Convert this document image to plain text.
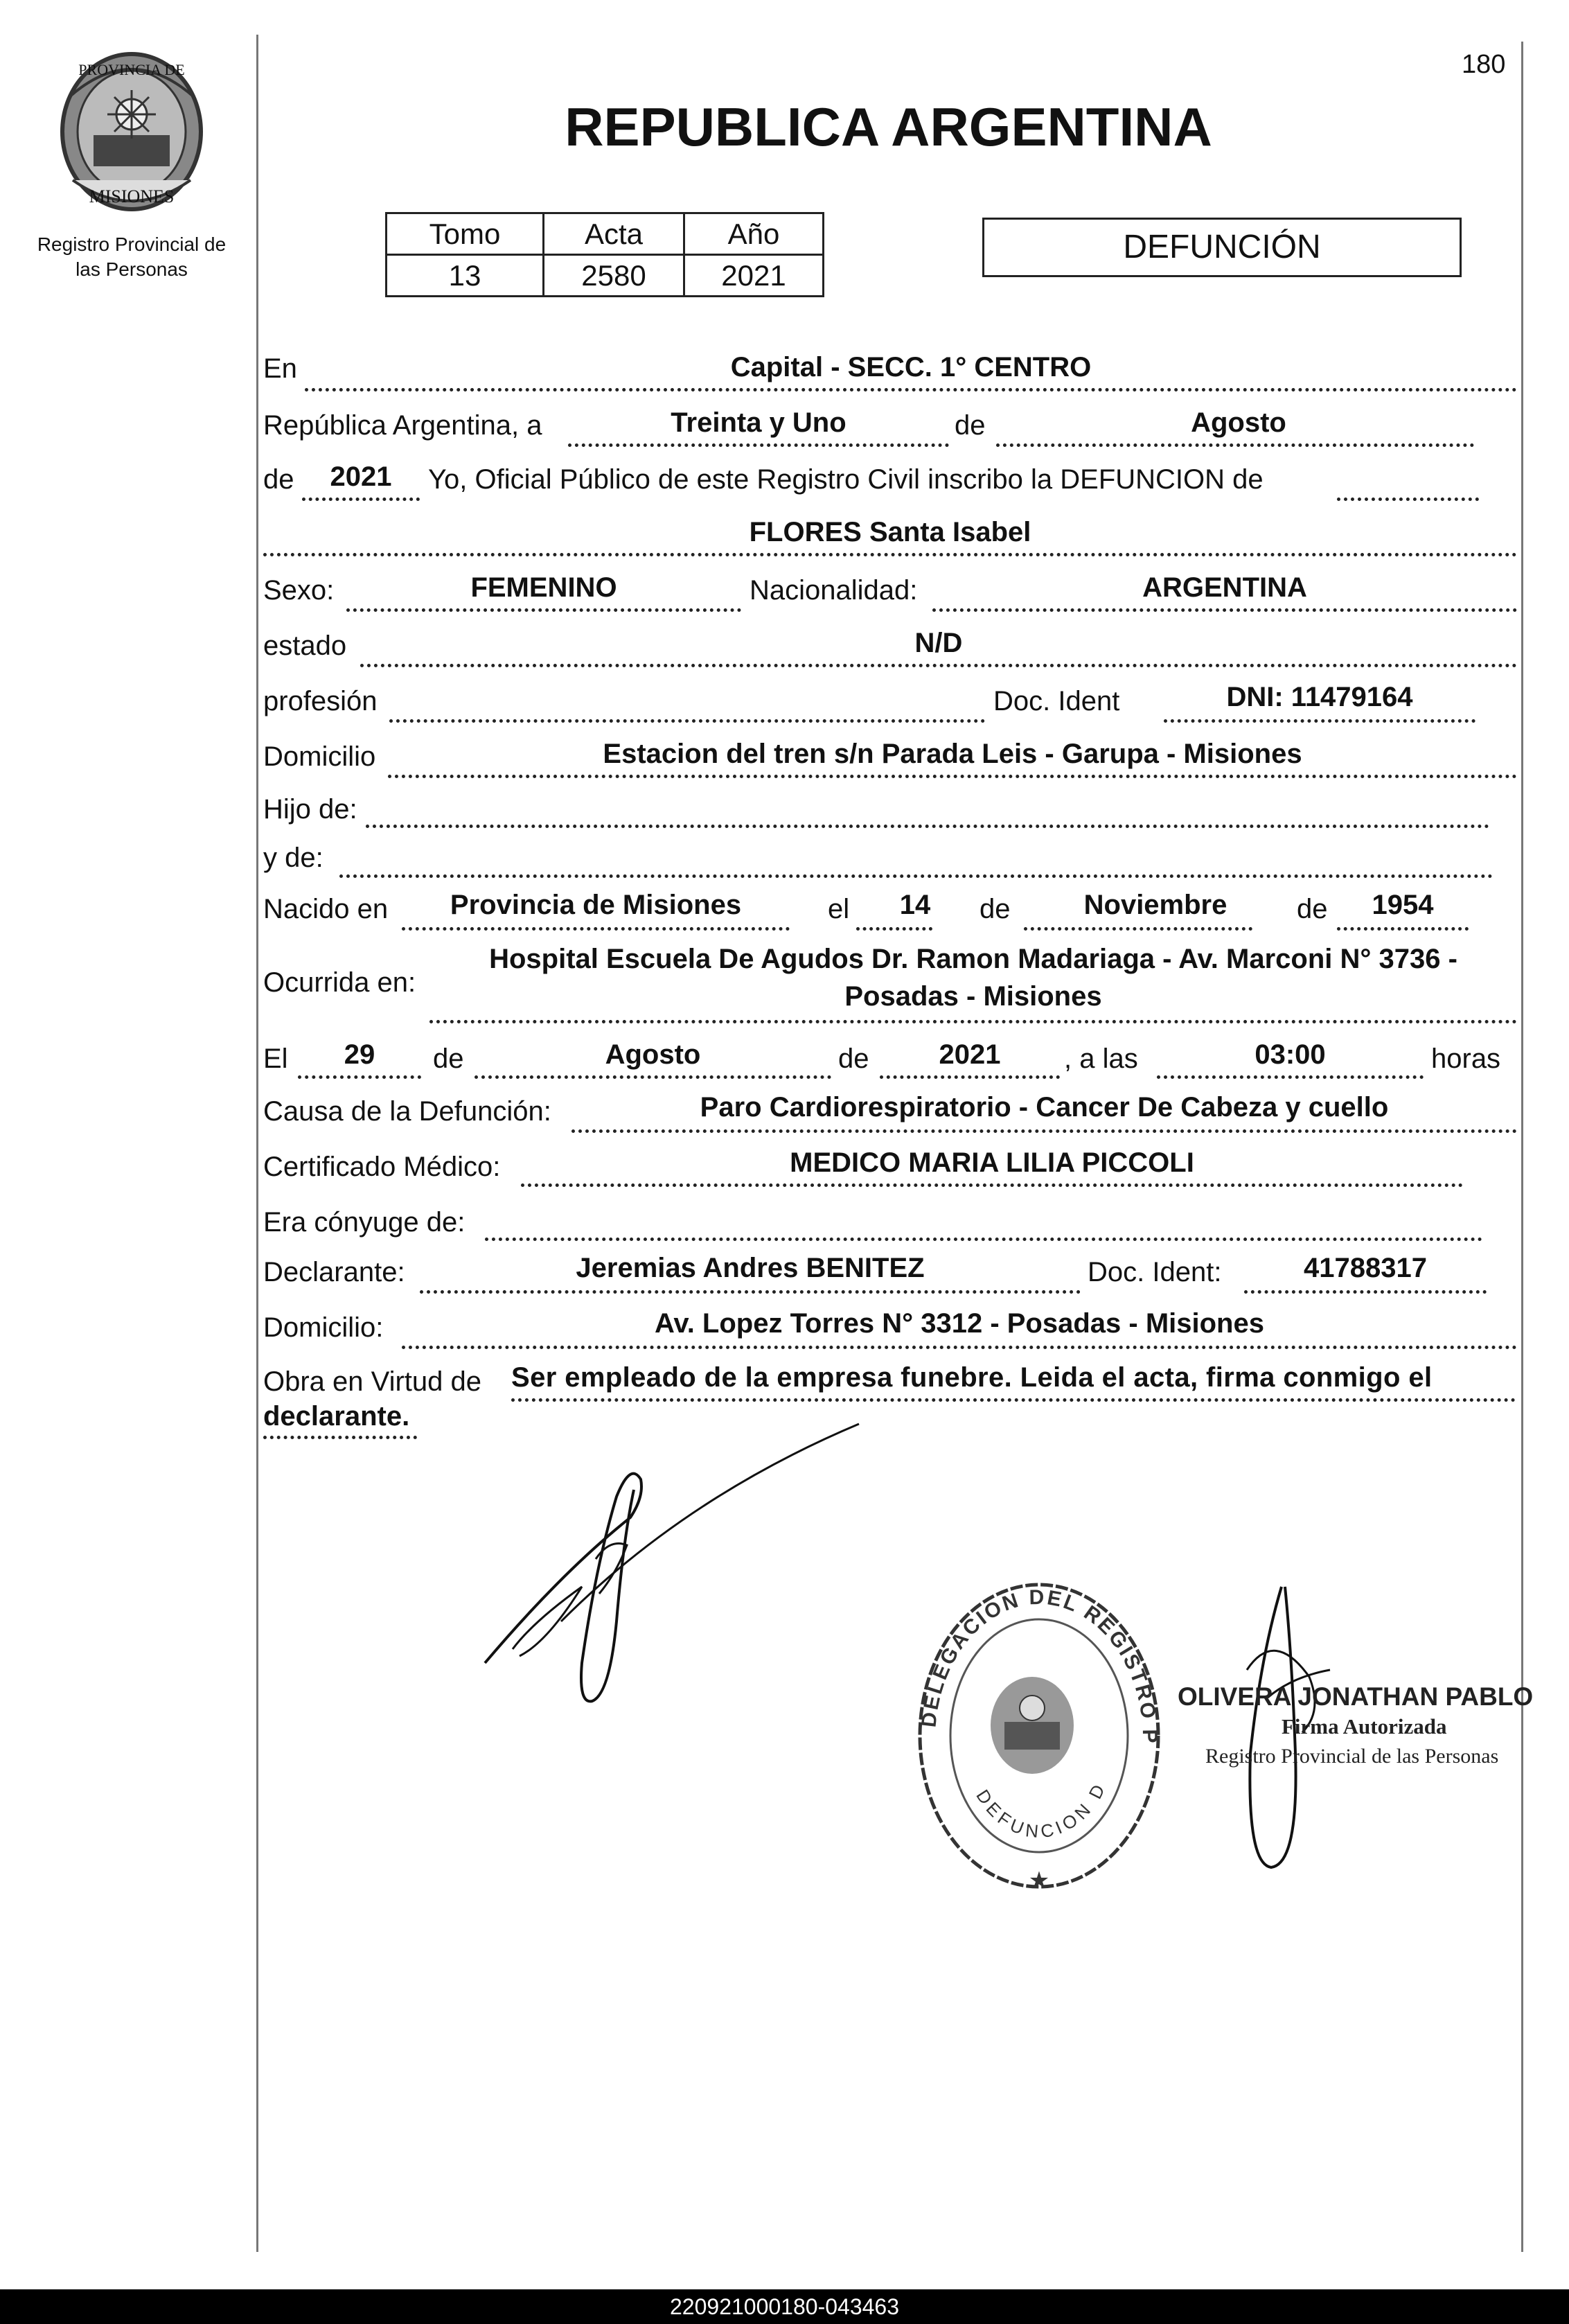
PROVINCIA DE
MISIONES
Registro Provincial de
las Personas
180
REPUBLICA ARGENTINA
Tomo	Acta	Año
13	2580	2021
DEFUNCIÓN
En	Capital - SECC. 1° CENTRO
República Argentina, a	Treinta y Uno	de	Agosto
de	2021	Yo, Oficial Público de este Registro Civil inscribo la DEFUNCION de
FLORES Santa Isabel
Sexo:	FEMENINO	Nacionalidad:	ARGENTINA
estado	N/D
profesión	Doc. Ident	DNI: 11479164
Domicilio	Estacion del tren s/n Parada Leis - Garupa - Misiones
Hijo de:
y de:
Nacido en	Provincia de Misiones	el	14	de	Noviembre	de	1954
Ocurrida en:
Hospital Escuela De Agudos Dr. Ramon Madariaga - Av. Marconi N° 3736 -
Posadas - Misiones
El	29	de	Agosto	de	2021	, a las	03:00	horas
Causa de la Defunción:	Paro Cardiorespiratorio - Cancer De Cabeza y cuello
Certificado Médico:	MEDICO MARIA LILIA PICCOLI
Era cónyuge de:
Declarante:	Jeremias Andres BENITEZ	Doc. Ident:	41788317
Domicilio:	Av. Lopez Torres N° 3312 - Posadas - Misiones
Obra en Virtud de Ser empleado de la empresa funebre. Leida el acta, firma conmigo el
declarante.
DELEGACION DEL REGISTRO P
DEFUNCION D
★
OLIVERA JONATHAN PABLO
Firma Autorizada
Registro Provincial de las Personas
220921000180-043463
